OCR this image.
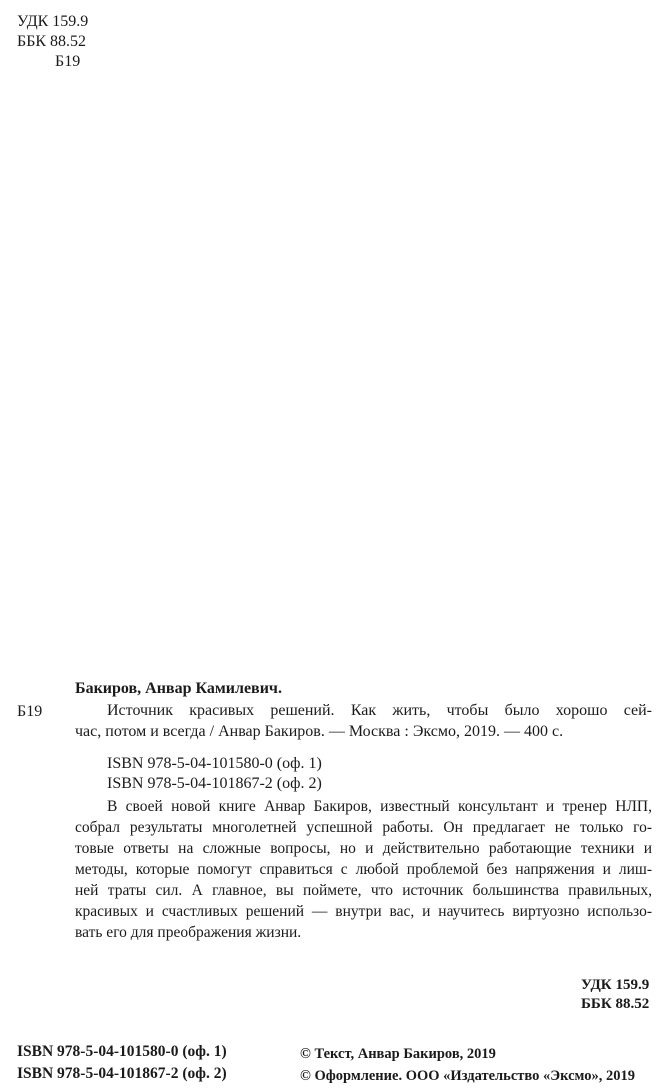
УДК 159.9
ББК 88.52
Б19
Бакиров, Анвар Камилевич.
Б19	Источник красивых решений. Как жить, чтобы было хорошо сей-
час, потом и всегда / Анвар Бакиров. — Москва : Эксмо, 2019. — 400 с.
ISBN 978-5-04-101580-0 (оф. 1)
ISBN 978-5-04-101867-2 (оф. 2)
В своей новой книге Анвар Бакиров, известный консультант и тренер НЛП,
собрал результаты многолетней успешной работы. Он предлагает не только го-
товые ответы на сложные вопросы, но и действительно работающие техники и
методы, которые помогут справиться с любой проблемой без напряжения и лиш-
ней траты сил. А главное, вы поймете, что источник большинства правильных,
красивых и счастливых решений — внутри вас, и научитесь виртуозно использо-
вать его для преображения жизни.
УДК 159.9
ББК 88.52
ISBN 978-5-04-101580-0 (оф. 1)
ISBN 978-5-04-101867-2 (оф. 2)
© Текст, Анвар Бакиров, 2019
© Оформление. ООО «Издательство «Эксмо», 2019
